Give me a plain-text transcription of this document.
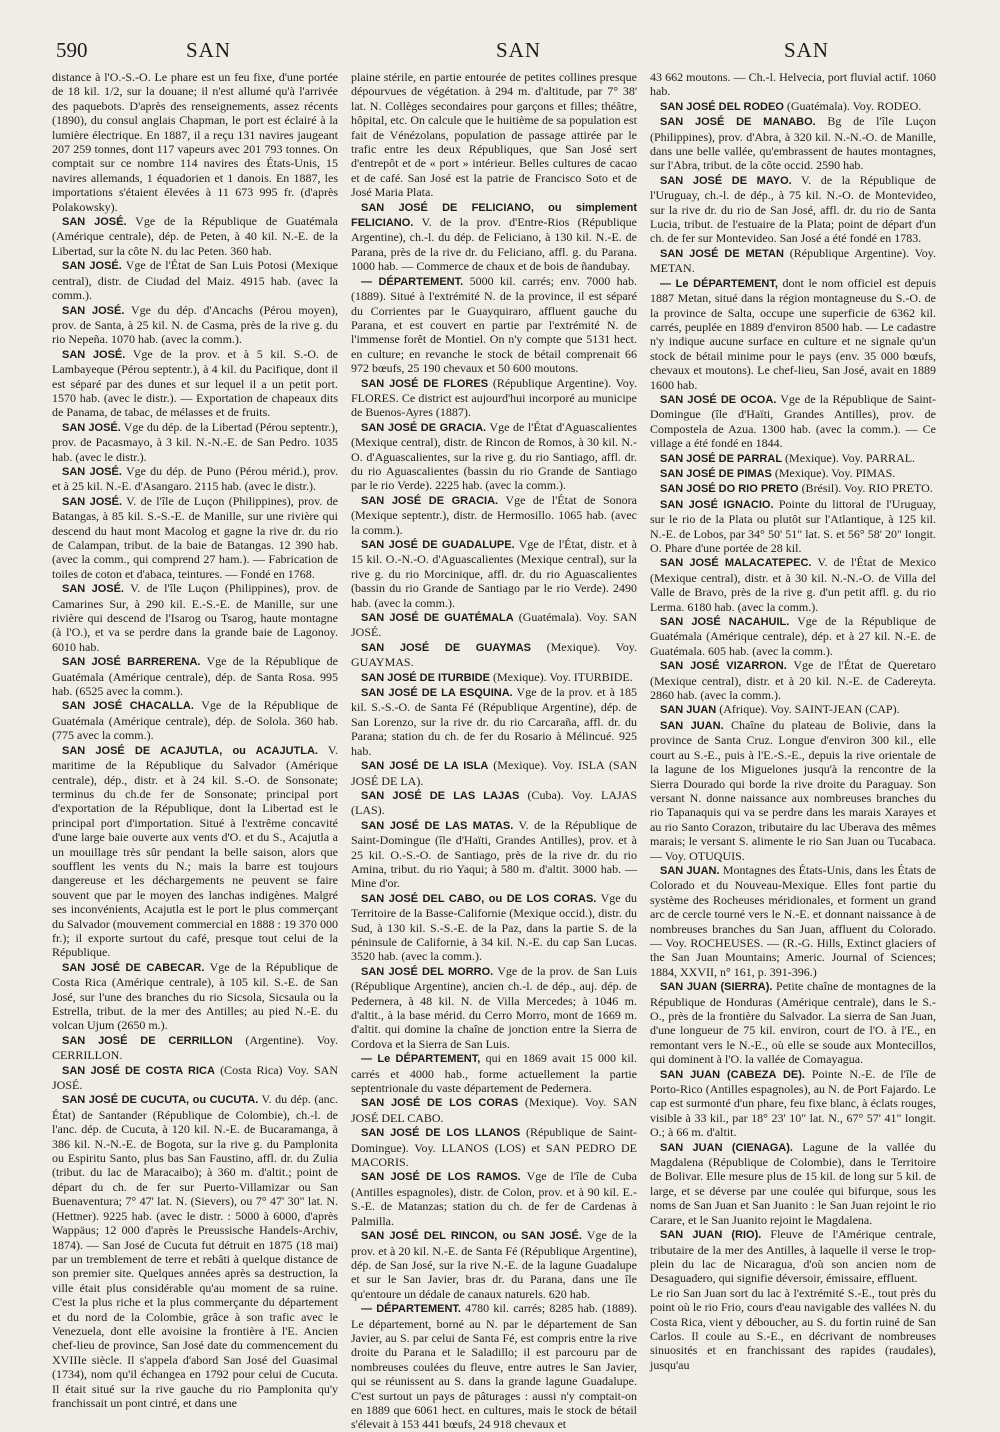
590	SAN	SAN	SAN

distance à l'O.-S.-O. Le phare est un feu fixe, d'une portée de 18 kil. 1/2, sur la douane; il n'est allumé qu'à l'arrivée des paquebots. D'après des renseignements, assez récents (1890), du consul anglais Chapman, le port est éclairé à la lumière électrique. En 1887, il a reçu 131 navires jaugeant 207 259 tonnes, dont 117 vapeurs avec 201 793 tonnes. On comptait sur ce nombre 114 navires des États-Unis, 15 navires allemands, 1 équadorien et 1 danois. En 1887, les importations s'étaient élevées à 11 673 995 fr. (d'après Polakowsky).

SAN JOSÉ. Vge de la République de Guatémala (Amérique centrale), dép. de Peten, à 40 kil. N.-E. de la Libertad, sur la côte N. du lac Peten. 360 hab.

SAN JOSÉ. Vge de l'État de San Luis Potosi (Mexique central), distr. de Ciudad del Maiz. 4915 hab. (avec la comm.).

SAN JOSÉ. Vge du dép. d'Ancachs (Pérou moyen), prov. de Santa, à 25 kil. N. de Casma, près de la rive g. du rio Nepeña. 1070 hab. (avec la comm.).

SAN JOSÉ. Vge de la prov. et à 5 kil. S.-O. de Lambayeque (Pérou septentr.), à 4 kil. du Pacifique, dont il est séparé par des dunes et sur lequel il a un petit port. 1570 hab. (avec le distr.). — Exportation de chapeaux dits de Panama, de tabac, de mélasses et de fruits.

SAN JOSÉ. Vge du dép. de la Libertad (Pérou septentr.), prov. de Pacasmayo, à 3 kil. N.-N.-E. de San Pedro. 1035 hab. (avec le distr.).

SAN JOSÉ. Vge du dép. de Puno (Pérou mérid.), prov. et à 25 kil. N.-E. d'Asangaro. 2115 hab. (avec le distr.).

SAN JOSÉ. V. de l'île de Luçon (Philippines), prov. de Batangas, à 85 kil. S.-S.-E. de Manille, sur une rivière qui descend du haut mont Macolog et gagne la rive dr. du rio de Calampan, tribut. de la baie de Batangas. 12 390 hab. (avec la comm., qui comprend 27 ham.). — Fabrication de toiles de coton et d'abaca, teintures. — Fondé en 1768.

SAN JOSÉ. V. de l'île Luçon (Philippines), prov. de Camarines Sur, à 290 kil. E.-S.-E. de Manille, sur une rivière qui descend de l'Isarog ou Tsarog, haute montagne (à l'O.), et va se perdre dans la grande baie de Lagonoy. 6010 hab.

SAN JOSÉ BARRERENA. Vge de la République de Guatémala (Amérique centrale), dép. de Santa Rosa. 995 hab. (6525 avec la comm.).

SAN JOSÉ CHACALLA. Vge de la République de Guatémala (Amérique centrale), dép. de Solola. 360 hab. (775 avec la comm.).

SAN JOSÉ DE ACAJUTLA, ou ACAJUTLA. V. maritime de la République du Salvador (Amérique centrale), dép., distr. et à 24 kil. S.-O. de Sonsonate; terminus du ch.de fer de Sonsonate; principal port d'exportation de la République, dont la Libertad est le principal port d'importation. Situé à l'extrême concavité d'une large baie ouverte aux vents d'O. et du S., Acajutla a un mouillage très sûr pendant la belle saison, alors que soufflent les vents du N.; mais la barre est toujours dangereuse et les déchargements ne peuvent se faire souvent que par le moyen des lanchas indigènes. Malgré ses inconvénients, Acajutla est le port le plus commerçant du Salvador (mouvement commercial en 1888 : 19 370 000 fr.); il exporte surtout du café, presque tout celui de la République.

SAN JOSÉ DE CABECAR. Vge de la République de Costa Rica (Amérique centrale), à 105 kil. S.-E. de San José, sur l'une des branches du rio Sicsola, Sicsaula ou la Estrella, tribut. de la mer des Antilles; au pied N.-E. du volcan Ujum (2650 m.).

SAN JOSÉ DE CERRILLON (Argentine). Voy. CERRILLON.

SAN JOSÉ DE COSTA RICA (Costa Rica) Voy. SAN JOSÉ.

SAN JOSÉ DE CUCUTA, ou CUCUTA. V. du dép. (anc. État) de Santander (République de Colombie), ch.-l. de l'anc. dép. de Cucuta, à 120 kil. N.-E. de Bucaramanga, à 386 kil. N.-N.-E. de Bogota, sur la rive g. du Pamplonita ou Espiritu Santo, plus bas San Faustino, affl. dr. du Zulia (tribut. du lac de Maracaibo); à 360 m. d'altit.; point de départ du ch. de fer sur Puerto-Villamizar ou San Buenaventura; 7° 47' lat. N. (Sievers), ou 7° 47' 30" lat. N. (Hettner). 9225 hab. (avec le distr. : 5000 à 6000, d'après Wappäus; 12 000 d'après le Preussische Handels-Archiv, 1874). — San José de Cucuta fut détruit en 1875 (18 mai) par un tremblement de terre et rebâti à quelque distance de son premier site. Quelques années après sa destruction, la ville était plus considérable qu'au moment de sa ruine. C'est la plus riche et la plus commerçante du département et du nord de la Colombie, grâce à son trafic avec le Venezuela, dont elle avoisine la frontière à l'E. Ancien chef-lieu de province, San José date du commencement du XVIIIe siècle. Il s'appela d'abord San José del Guasimal (1734), nom qu'il échangea en 1792 pour celui de Cucuta. Il était situé sur la rive gauche du rio Pamplonita qu'y franchissait un pont cintré, et dans une

plaine stérile, en partie entourée de petites collines presque dépourvues de végétation. à 294 m. d'altitude, par 7° 38' lat. N. Collèges secondaires pour garçons et filles; théâtre, hôpital, etc. On calcule que le huitième de sa population est fait de Vénézolans, population de passage attirée par le trafic entre les deux Républiques, que San José sert d'entrepôt et de « port » intérieur. Belles cultures de cacao et de café. San José est la patrie de Francisco Soto et de José Maria Plata.

SAN JOSÉ DE FELICIANO, ou simplement FELICIANO. V. de la prov. d'Entre-Rios (République Argentine), ch.-l. du dép. de Feliciano, à 130 kil. N.-E. de Parana, près de la rive dr. du Feliciano, affl. g. du Parana. 1000 hab. — Commerce de chaux et de bois de ñandubay.

— DÉPARTEMENT. 5000 kil. carrés; env. 7000 hab. (1889). Situé à l'extrémité N. de la province, il est séparé du Corrientes par le Guayquiraro, affluent gauche du Parana, et est couvert en partie par l'extrémité N. de l'immense forêt de Montiel. On n'y compte que 5131 hect. en culture; en revanche le stock de bétail comprenait 66 972 bœufs, 25 190 chevaux et 50 600 moutons.

SAN JOSÉ DE FLORES (République Argentine). Voy. FLORES. Ce district est aujourd'hui incorporé au municipe de Buenos-Ayres (1887).

SAN JOSÉ DE GRACIA. Vge de l'État d'Aguascalientes (Mexique central), distr. de Rincon de Romos, à 30 kil. N.-O. d'Aguascalientes, sur la rive g. du rio Santiago, affl. dr. du rio Aguascalientes (bassin du rio Grande de Santiago par le rio Verde). 2225 hab. (avec la comm.).

SAN JOSÉ DE GRACIA. Vge de l'État de Sonora (Mexique septentr.), distr. de Hermosillo. 1065 hab. (avec la comm.).

SAN JOSÉ DE GUADALUPE. Vge de l'État, distr. et à 15 kil. O.-N.-O. d'Aguascalientes (Mexique central), sur la rive g. du rio Morcinique, affl. dr. du rio Aguascalientes (bassin du rio Grande de Santiago par le rio Verde). 2490 hab. (avec la comm.).

SAN JOSÉ DE GUATÉMALA (Guatémala). Voy. SAN JOSÉ.

SAN JOSÉ DE GUAYMAS (Mexique). Voy. GUAYMAS.

SAN JOSÉ DE ITURBIDE (Mexique). Voy. ITURBIDE.

SAN JOSÉ DE LA ESQUINA. Vge de la prov. et à 185 kil. S.-S.-O. de Santa Fé (République Argentine), dép. de San Lorenzo, sur la rive dr. du rio Carcaraña, affl. dr. du Parana; station du ch. de fer du Rosario à Mélincué. 925 hab.

SAN JOSÉ DE LA ISLA (Mexique). Voy. ISLA (SAN JOSÉ DE LA).

SAN JOSÉ DE LAS LAJAS (Cuba). Voy. LAJAS (LAS).

SAN JOSÉ DE LAS MATAS. V. de la République de Saint-Domingue (île d'Haïti, Grandes Antilles), prov. et à 25 kil. O.-S.-O. de Santiago, près de la rive dr. du rio Amina, tribut. du rio Yaqui; à 580 m. d'altit. 3000 hab. — Mine d'or.

SAN JOSÉ DEL CABO, ou DE LOS CORAS. Vge du Territoire de la Basse-Californie (Mexique occid.), distr. du Sud, à 130 kil. S.-S.-E. de la Paz, dans la partie S. de la péninsule de Californie, à 34 kil. N.-E. du cap San Lucas. 3520 hab. (avec la comm.).

SAN JOSÉ DEL MORRO. Vge de la prov. de San Luis (République Argentine), ancien ch.-l. de dép., auj. dép. de Pedernera, à 48 kil. N. de Villa Mercedes; à 1046 m. d'altit., à la base mérid. du Cerro Morro, mont de 1669 m. d'altit. qui domine la chaîne de jonction entre la Sierra de Cordova et la Sierra de San Luis.

— Le DÉPARTEMENT, qui en 1869 avait 15 000 kil. carrés et 4000 hab., forme actuellement la partie septentrionale du vaste département de Pedernera.

SAN JOSÉ DE LOS CORAS (Mexique). Voy. SAN JOSÉ DEL CABO.

SAN JOSÉ DE LOS LLANOS (République de Saint-Domingue). Voy. LLANOS (LOS) et SAN PEDRO DE MACORIS.

SAN JOSÉ DE LOS RAMOS. Vge de l'île de Cuba (Antilles espagnoles), distr. de Colon, prov. et à 90 kil. E.-S.-E. de Matanzas; station du ch. de fer de Cardenas à Palmilla.

SAN JOSÉ DEL RINCON, ou SAN JOSÉ. Vge de la prov. et à 20 kil. N.-E. de Santa Fé (République Argentine), dép. de San José, sur la rive N.-E. de la lagune Guadalupe et sur le San Javier, bras dr. du Parana, dans une île qu'entoure un dédale de canaux naturels. 620 hab.

— DÉPARTEMENT. 4780 kil. carrés; 8285 hab. (1889). Le département, borné au N. par le département de San Javier, au S. par celui de Santa Fé, est compris entre la rive droite du Parana et le Saladillo; il est parcouru par de nombreuses coulées du fleuve, entre autres le San Javier, qui se réunissent au S. dans la grande lagune Guadalupe. C'est surtout un pays de pâturages : aussi n'y comptait-on en 1889 que 6061 hect. en cultures, mais le stock de bétail s'élevait à 153 441 bœufs, 24 918 chevaux et

43 662 moutons. — Ch.-l. Helvecia, port fluvial actif. 1060 hab.

SAN JOSÉ DEL RODEO (Guatémala). Voy. RODEO.

SAN JOSÉ DE MANABO. Bg de l'île Luçon (Philippines), prov. d'Abra, à 320 kil. N.-N.-O. de Manille, dans une belle vallée, qu'embrassent de hautes montagnes, sur l'Abra, tribut. de la côte occid. 2590 hab.

SAN JOSÉ DE MAYO. V. de la République de l'Uruguay, ch.-l. de dép., à 75 kil. N.-O. de Montevideo, sur la rive dr. du rio de San José, affl. dr. du rio de Santa Lucia, tribut. de l'estuaire de la Plata; point de départ d'un ch. de fer sur Montevideo. San José a été fondé en 1783.

SAN JOSÉ DE METAN (République Argentine). Voy. METAN.

— Le DÉPARTEMENT, dont le nom officiel est depuis 1887 Metan, situé dans la région montagneuse du S.-O. de la province de Salta, occupe une superficie de 6362 kil. carrés, peuplée en 1889 d'environ 8500 hab. — Le cadastre n'y indique aucune surface en culture et ne signale qu'un stock de bétail minime pour le pays (env. 35 000 bœufs, chevaux et moutons). Le chef-lieu, San José, avait en 1889 1600 hab.

SAN JOSÉ DE OCOA. Vge de la République de Saint-Domingue (île d'Haïti, Grandes Antilles), prov. de Compostela de Azua. 1300 hab. (avec la comm.). — Ce village a été fondé en 1844.

SAN JOSÉ DE PARRAL (Mexique). Voy. PARRAL.

SAN JOSÉ DE PIMAS (Mexique). Voy. PIMAS.

SAN JOSÉ DO RIO PRETO (Brésil). Voy. RIO PRETO.

SAN JOSÉ IGNACIO. Pointe du littoral de l'Uruguay, sur le rio de la Plata ou plutôt sur l'Atlantique, à 125 kil. N.-E. de Lobos, par 34° 50' 51" lat. S. et 56° 58' 20" longit. O. Phare d'une portée de 28 kil.

SAN JOSÉ MALACATEPEC. V. de l'État de Mexico (Mexique central), distr. et à 30 kil. N.-N.-O. de Villa del Valle de Bravo, près de la rive g. d'un petit affl. g. du rio Lerma. 6180 hab. (avec la comm.).

SAN JOSÉ NACAHUIL. Vge de la République de Guatémala (Amérique centrale), dép. et à 27 kil. N.-E. de Guatémala. 605 hab. (avec la comm.).

SAN JOSÉ VIZARRON. Vge de l'État de Queretaro (Mexique central), distr. et à 20 kil. N.-E. de Cadereyta. 2860 hab. (avec la comm.).

SAN JUAN (Afrique). Voy. SAINT-JEAN (CAP).

SAN JUAN. Chaîne du plateau de Bolivie, dans la province de Santa Cruz. Longue d'environ 300 kil., elle court au S.-E., puis à l'E.-S.-E., depuis la rive orientale de la lagune de los Miguelones jusqu'à la rencontre de la Sierra Dourado qui borde la rive droite du Paraguay. Son versant N. donne naissance aux nombreuses branches du rio Tapanaquis qui va se perdre dans les marais Xarayes et au rio Santo Corazon, tributaire du lac Uberava des mêmes marais; le versant S. alimente le rio San Juan ou Tucabaca. — Voy. OTUQUIS.

SAN JUAN. Montagnes des États-Unis, dans les États de Colorado et du Nouveau-Mexique. Elles font partie du système des Rocheuses méridionales, et forment un grand arc de cercle tourné vers le N.-E. et donnant naissance à de nombreuses branches du San Juan, affluent du Colorado. — Voy. ROCHEUSES. — (R.-G. Hills, Extinct glaciers of the San Juan Mountains; Americ. Journal of Sciences; 1884, XXVII, n° 161, p. 391-396.)

SAN JUAN (SIERRA). Petite chaîne de montagnes de la République de Honduras (Amérique centrale), dans le S.-O., près de la frontière du Salvador. La sierra de San Juan, d'une longueur de 75 kil. environ, court de l'O. à l'E., en remontant vers le N.-E., où elle se soude aux Montecillos, qui dominent à l'O. la vallée de Comayagua.

SAN JUAN (CABEZA DE). Pointe N.-E. de l'île de Porto-Rico (Antilles espagnoles), au N. de Port Fajardo. Le cap est surmonté d'un phare, feu fixe blanc, à éclats rouges, visible à 33 kil., par 18° 23' 10" lat. N., 67° 57' 41" longit. O.; à 66 m. d'altit.

SAN JUAN (CIENAGA). Lagune de la vallée du Magdalena (République de Colombie), dans le Territoire de Bolivar. Elle mesure plus de 15 kil. de long sur 5 kil. de large, et se déverse par une coulée qui bifurque, sous les noms de San Juan et San Juanito : le San Juan rejoint le rio Carare, et le San Juanito rejoint le Magdalena.

SAN JUAN (RIO). Fleuve de l'Amérique centrale, tributaire de la mer des Antilles, à laquelle il verse le trop-plein du lac de Nicaragua, d'où son ancien nom de Desaguadero, qui signifie déversoir, émissaire, effluent.

Le rio San Juan sort du lac à l'extrémité S.-E., tout près du point où le rio Frio, cours d'eau navigable des vallées N. du Costa Rica, vient y déboucher, au S. du fortin ruiné de San Carlos. Il coule au S.-E., en décrivant de nombreuses sinuosités et en franchissant des rapides (raudales), jusqu'au
